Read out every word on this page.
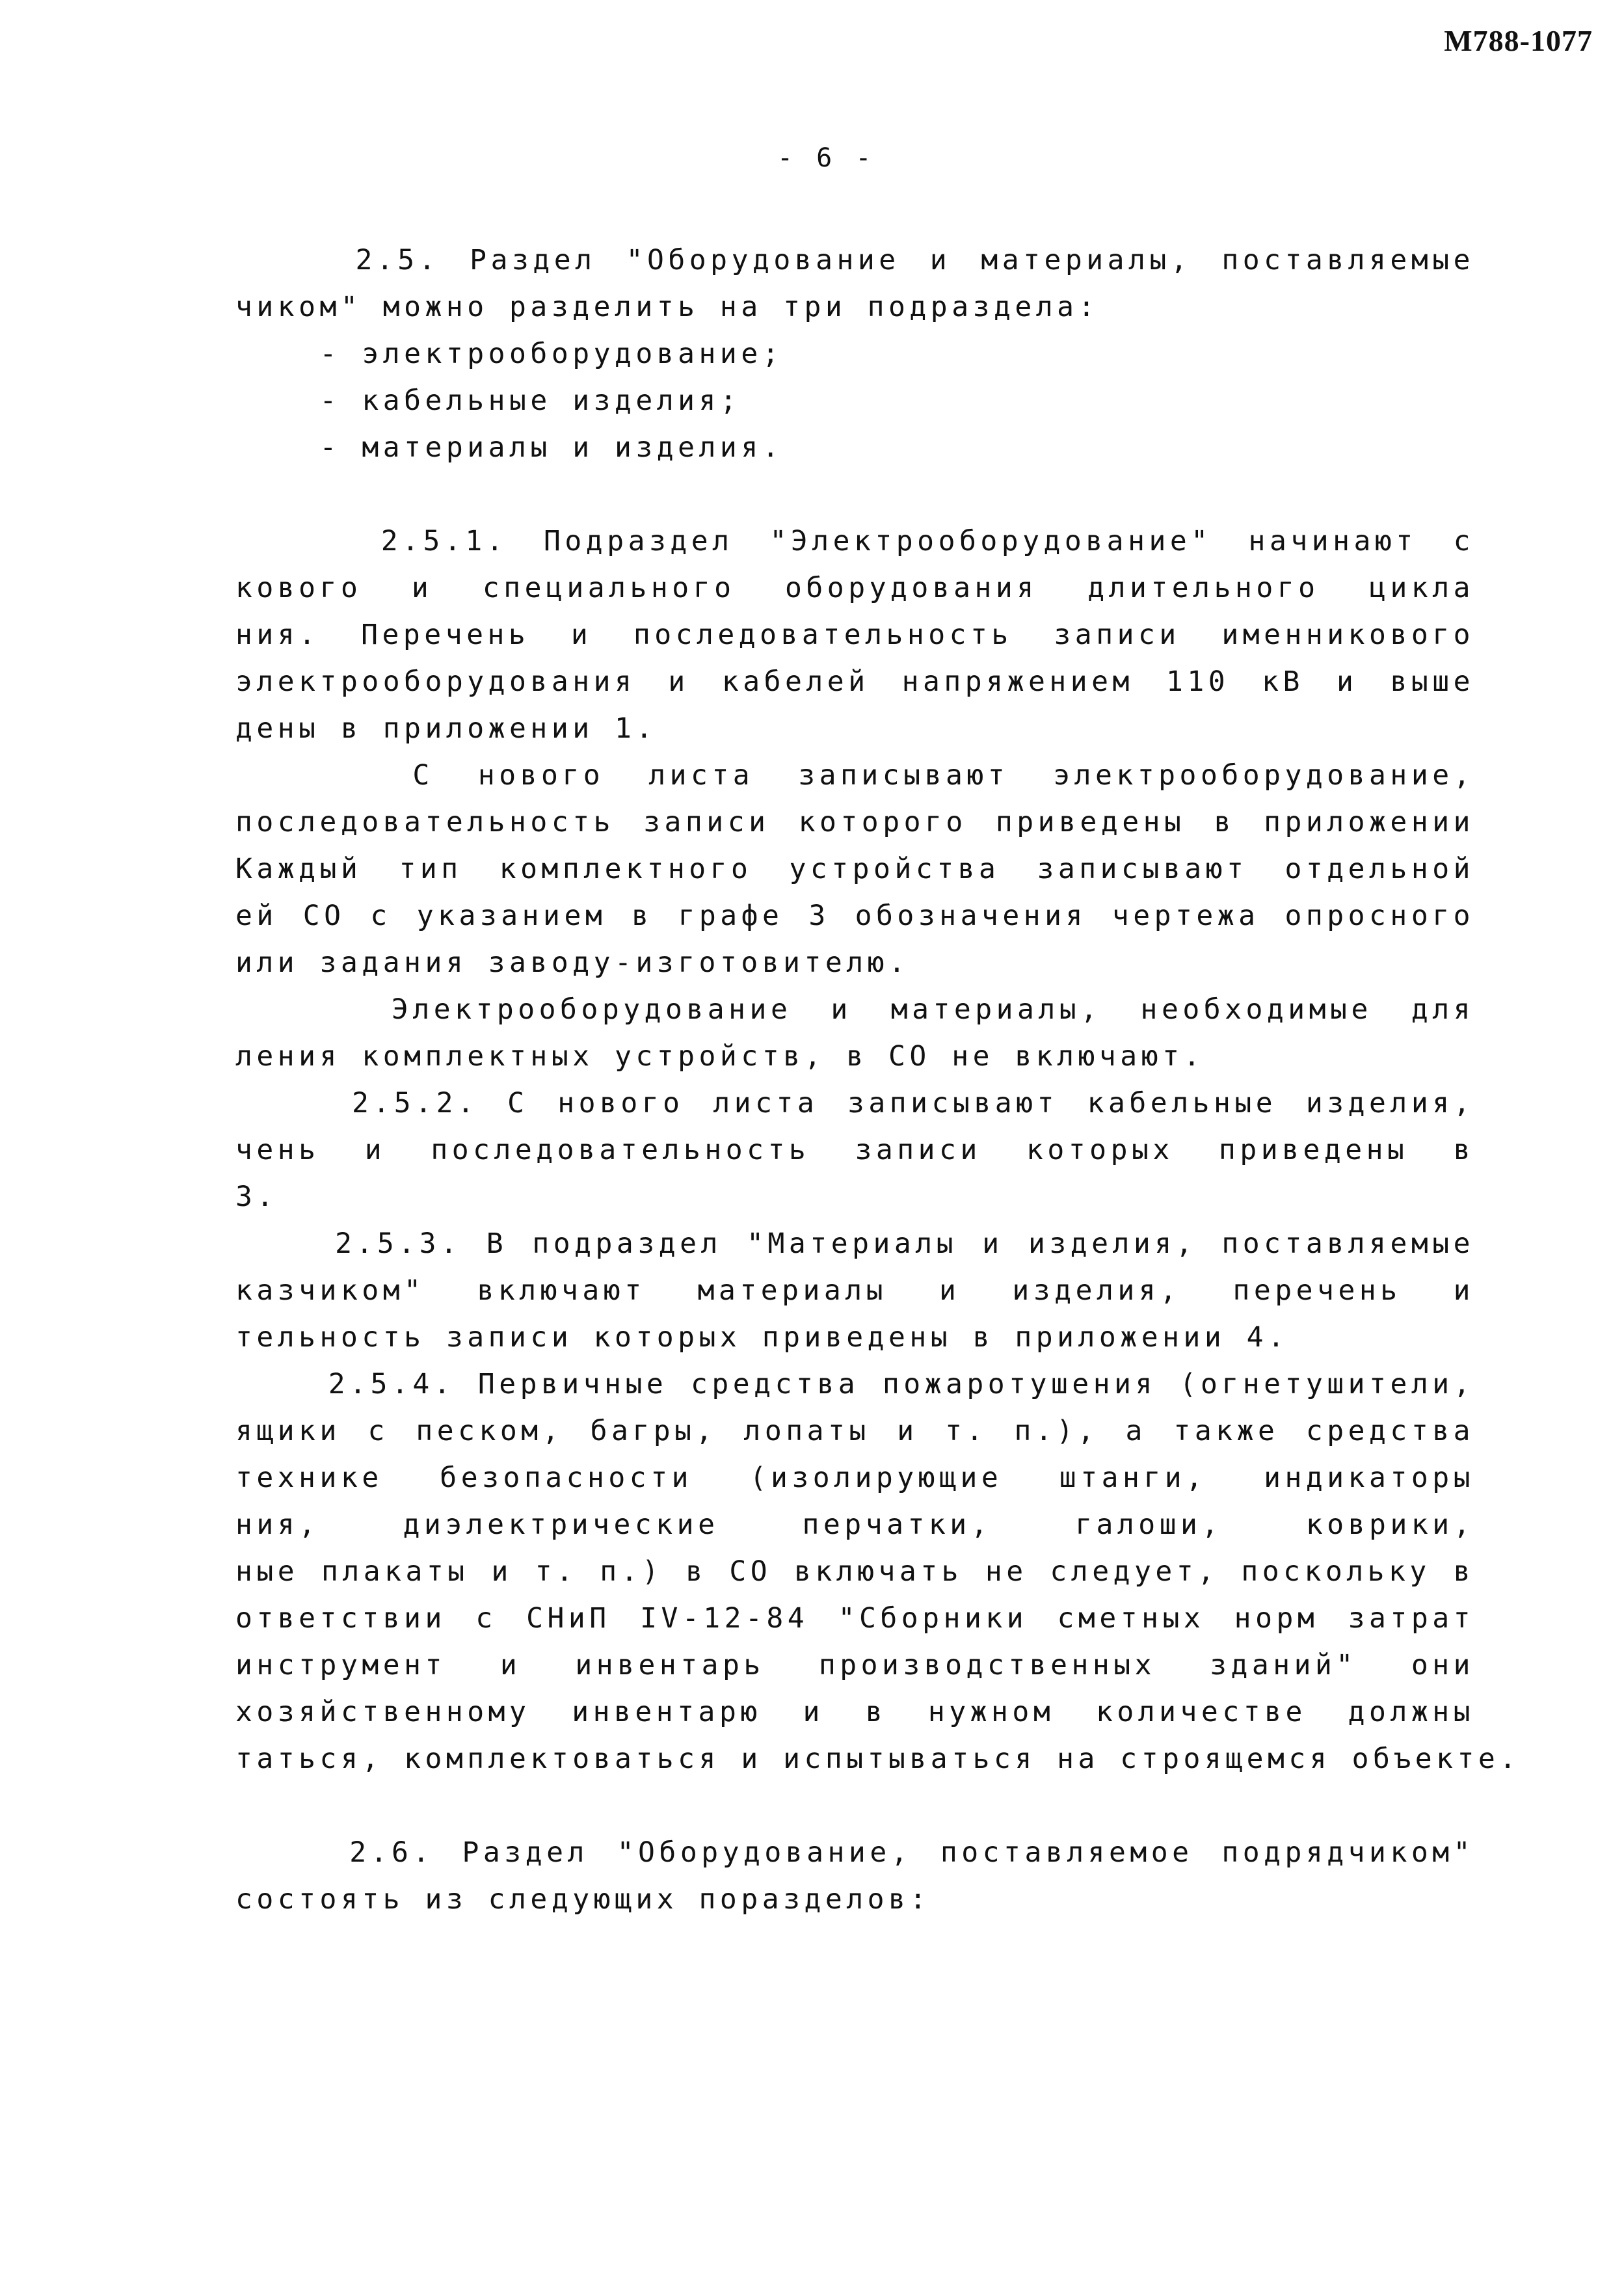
М788-1077
- 6 -
2.5. Раздел "Оборудование и материалы, поставляемые
чиком" можно разделить на три подраздела:
- электрооборудование;
- кабельные изделия;
- материалы и изделия.
2.5.1. Подраздел "Электрооборудование" начинают с
кового и специального оборудования длительного цикла
ния. Перечень и последовательность записи именникового
электрооборудования и кабелей напряжением 110 кВ и выше
дены в приложении 1.
С нового листа записывают электрооборудование,
последовательность записи которого приведены в приложении
Каждый тип комплектного устройства записывают отдельной
ей СО с указанием в графе 3 обозначения чертежа опросного
или задания заводу-изготовителю.
Электрооборудование и материалы, необходимые для
ления комплектных устройств, в СО не включают.
2.5.2. С нового листа записывают кабельные изделия,
чень и последовательность записи которых приведены в
3.
2.5.3. В подраздел "Материалы и изделия, поставляемые
казчиком" включают материалы и изделия, перечень и
тельность записи которых приведены в приложении 4.
2.5.4. Первичные средства пожаротушения (огнетушители,
ящики с песком, багры, лопаты и т. п.), а также средства
технике безопасности (изолирующие штанги, индикаторы
ния, диэлектрические перчатки, галоши, коврики,
ные плакаты и т. п.) в СО включать не следует, поскольку в
ответствии с СНиП IV-12-84 "Сборники сметных норм затрат
инструмент и инвентарь производственных зданий" они
хозяйственному инвентарю и в нужном количестве должны
таться, комплектоваться и испытываться на строящемся объекте.
2.6. Раздел "Оборудование, поставляемое подрядчиком"
состоять из следующих поразделов:
